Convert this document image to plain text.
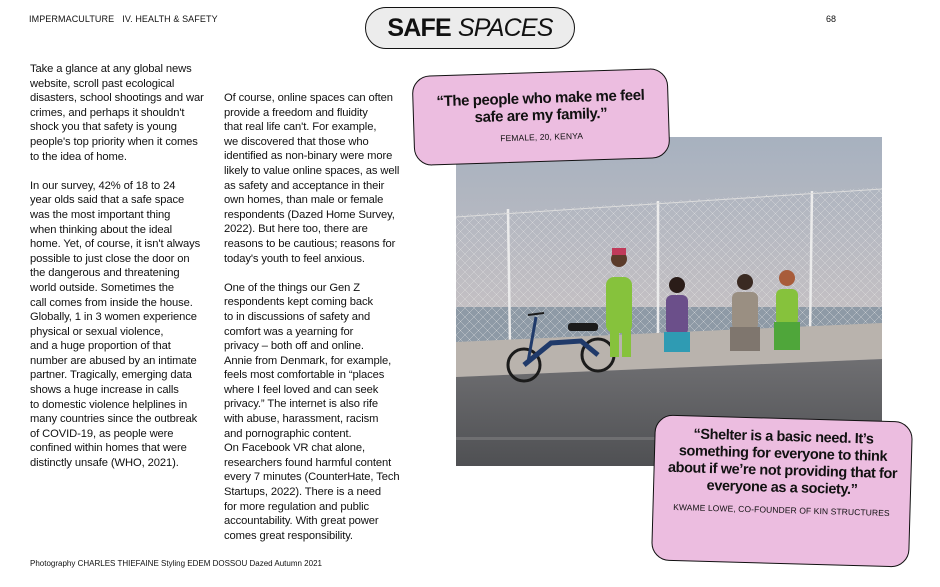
IMPERMACULTURE IV. HEALTH & SAFETY	SAFE SPACES	68

Take a glance at any global news
website, scroll past ecological
disasters, school shootings and war
crimes, and perhaps it shouldn't
shock you that safety is young
people's top priority when it comes
to the idea of home.

In our survey, 42% of 18 to 24
year olds said that a safe space
was the most important thing
when thinking about the ideal
home. Yet, of course, it isn't always
possible to just close the door on
the dangerous and threatening
world outside. Sometimes the
call comes from inside the house.
Globally, 1 in 3 women experience
physical or sexual violence,
and a huge proportion of that
number are abused by an intimate
partner. Tragically, emerging data
shows a huge increase in calls
to domestic violence helplines in
many countries since the outbreak
of COVID-19, as people were
confined within homes that were
distinctly unsafe (WHO, 2021).

Of course, online spaces can often
provide a freedom and fluidity
that real life can't. For example,
we discovered that those who
identified as non-binary were more
likely to value online spaces, as well
as safety and acceptance in their
own homes, than male or female
respondents (Dazed Home Survey,
2022). But here too, there are
reasons to be cautious; reasons for
today's youth to feel anxious.

One of the things our Gen Z
respondents kept coming back
to in discussions of safety and
comfort was a yearning for
privacy – both off and online.
Annie from Denmark, for example,
feels most comfortable in “places
where I feel loved and can seek
privacy.” The internet is also rife
with abuse, harassment, racism
and pornographic content.
On Facebook VR chat alone,
researchers found harmful content
every 7 minutes (CounterHate, Tech
Startups, 2022). There is a need
for more regulation and public
accountability. With great power
comes great responsibility.

“The people who make me feel safe are my family.”
FEMALE, 20, KENYA
“Shelter is a basic need. It’s something for everyone to think about if we’re not providing that for everyone as a society.”
KWAME LOWE, CO-FOUNDER OF KIN STRUCTURES
Photography CHARLES THIEFAINE Styling EDEM DOSSOU Dazed Autumn 2021
